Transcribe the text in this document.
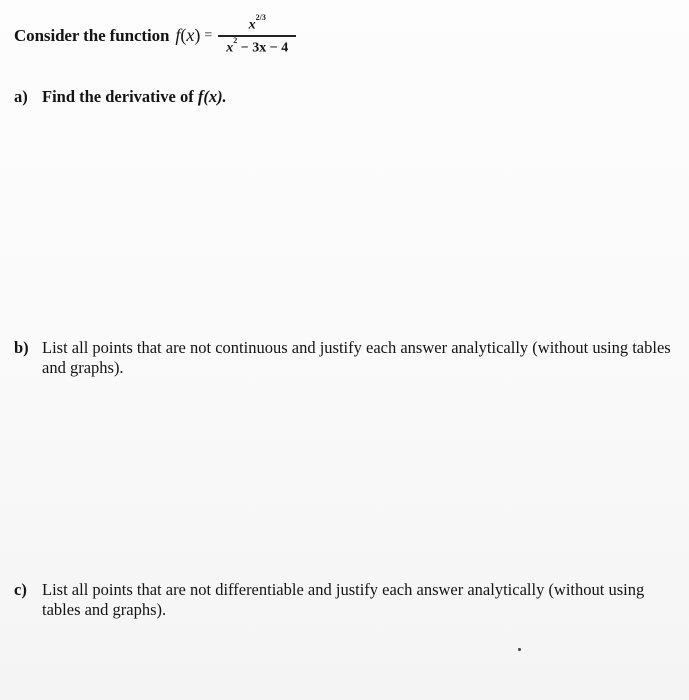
Consider the function f $(x) = \frac{x^{2/3}}{x^2 - 3x - 4}$
a) Find the derivative of f(x).
b) List all points that are not continuous and justify each answer analytically (without using tables and graphs).
c) List all points that are not differentiable and justify each answer analytically (without using tables and graphs).
